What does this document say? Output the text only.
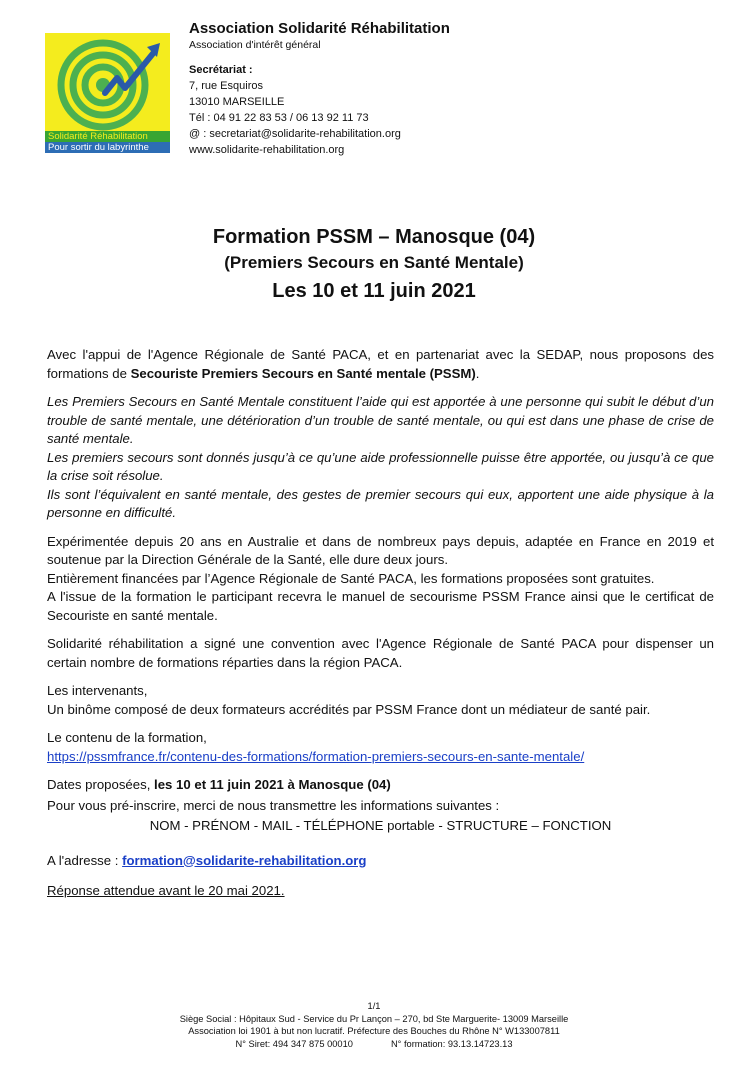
Solidarité Réhabilitation
Pour sortir du labyrinthe
Association Solidarité Réhabilitation
Association d'intérêt général
Secrétariat :
7, rue Esquiros
13010 MARSEILLE
Tél : 04 91 22 83 53 / 06 13 92 11 73
@ : secretariat@solidarite-rehabilitation.org
www.solidarite-rehabilitation.org
Formation PSSM – Manosque (04)
(Premiers Secours en Santé Mentale)
Les 10 et 11 juin 2021

Avec l'appui de l'Agence Régionale de Santé PACA, et en partenariat avec la SEDAP, nous proposons des formations de Secouriste Premiers Secours en Santé mentale (PSSM).

Les Premiers Secours en Santé Mentale constituent l’aide qui est apportée à une personne qui subit le début d’un trouble de santé mentale, une détérioration d’un trouble de santé mentale, ou qui est dans une phase de crise de santé mentale.
Les premiers secours sont donnés jusqu’à ce qu’une aide professionnelle puisse être apportée, ou jusqu’à ce que la crise soit résolue.
Ils sont l’équivalent en santé mentale, des gestes de premier secours qui eux, apportent une aide physique à la personne en difficulté.

Expérimentée depuis 20 ans en Australie et dans de nombreux pays depuis, adaptée en France en 2019 et soutenue par la Direction Générale de la Santé, elle dure deux jours.
Entièrement financées par l’Agence Régionale de Santé PACA, les formations proposées sont gratuites.
A l'issue de la formation le participant recevra le manuel de secourisme PSSM France ainsi que le certificat de Secouriste en santé mentale.

Solidarité réhabilitation a signé une convention avec l'Agence Régionale de Santé PACA pour dispenser un certain nombre de formations réparties dans la région PACA.

Les intervenants,
Un binôme composé de deux formateurs accrédités par PSSM France dont un médiateur de santé pair.

Le contenu de la formation,
https://pssmfrance.fr/contenu-des-formations/formation-premiers-secours-en-sante-mentale/

Dates proposées, les 10 et 11 juin 2021 à Manosque (04)

Pour vous pré-inscrire, merci de nous transmettre les informations suivantes :

NOM - PRÉNOM - MAIL - TÉLÉPHONE portable - STRUCTURE – FONCTION

A l'adresse : formation@solidarite-rehabilitation.org

Réponse attendue avant le 20 mai 2021.

1/1
Siège Social : Hôpitaux Sud - Service du Pr Lançon – 270, bd Ste Marguerite- 13009 Marseille
Association loi 1901 à but non lucratif. Préfecture des Bouches du Rhône N° W133007811
N° Siret: 494 347 875 00010	N° formation: 93.13.14723.13
